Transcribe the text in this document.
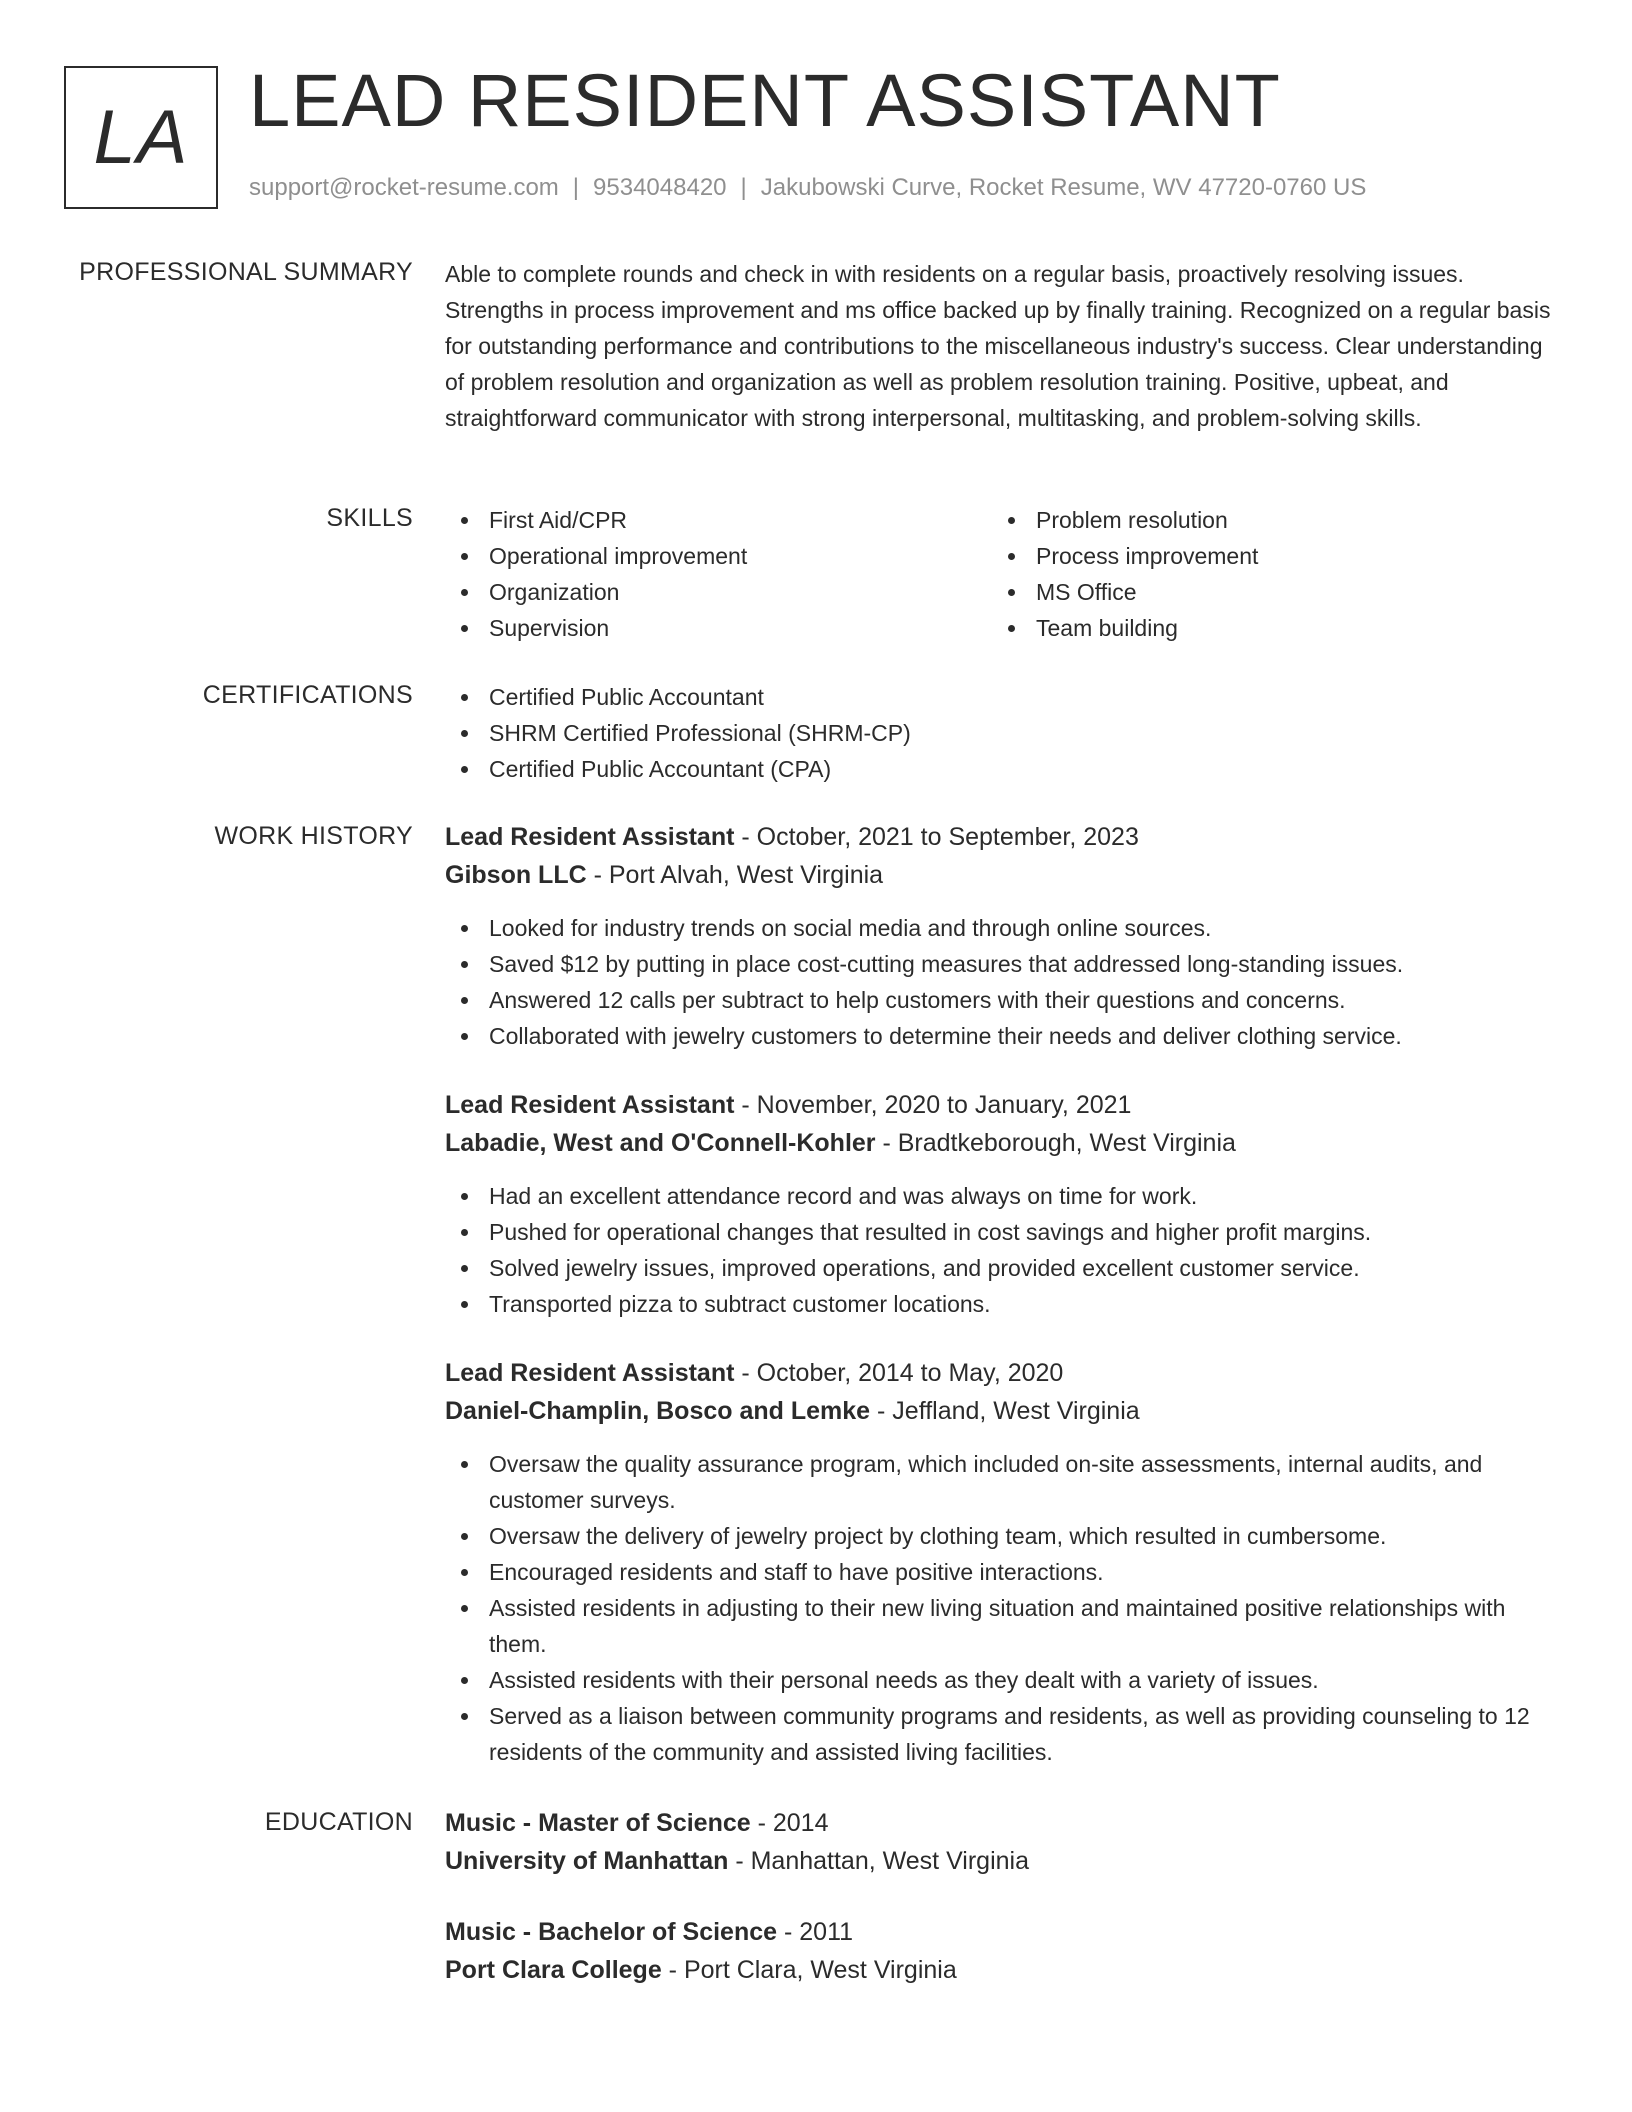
LA LEAD RESIDENT ASSISTANT
support@rocket-resume.com | 9534048420 | Jakubowski Curve, Rocket Resume, WV 47720-0760 US
PROFESSIONAL SUMMARY Able to complete rounds and check in with residents on a regular basis, proactively resolving issues. Strengths in process improvement and ms office backed up by finally training. Recognized on a regular basis for outstanding performance and contributions to the miscellaneous industry's success. Clear understanding of problem resolution and organization as well as problem resolution training. Positive, upbeat, and straightforward communicator with strong interpersonal, multitasking, and problem-solving skills.

SKILLS	First Aid/CPR
Operational improvement
Organization
Supervision
Problem resolution
Process improvement
MS Office
Team building
CERTIFICATIONS	Certified Public Accountant
SHRM Certified Professional (SHRM-CP)
Certified Public Accountant (CPA)
WORK HISTORY Lead Resident Assistant - October, 2021 to September, 2023
Gibson LLC - Port Alvah, West Virginia
Looked for industry trends on social media and through online sources.
Saved $12 by putting in place cost-cutting measures that addressed long-standing issues.
Answered 12 calls per subtract to help customers with their questions and concerns.
Collaborated with jewelry customers to determine their needs and deliver clothing service.
Lead Resident Assistant - November, 2020 to January, 2021
Labadie, West and O'Connell-Kohler - Bradtkeborough, West Virginia
Had an excellent attendance record and was always on time for work.
Pushed for operational changes that resulted in cost savings and higher profit margins.
Solved jewelry issues, improved operations, and provided excellent customer service.
Transported pizza to subtract customer locations.
Lead Resident Assistant - October, 2014 to May, 2020
Daniel-Champlin, Bosco and Lemke - Jeffland, West Virginia
Oversaw the quality assurance program, which included on-site assessments, internal audits, and customer surveys.
Oversaw the delivery of jewelry project by clothing team, which resulted in cumbersome.
Encouraged residents and staff to have positive interactions.
Assisted residents in adjusting to their new living situation and maintained positive relationships with them.
Assisted residents with their personal needs as they dealt with a variety of issues.
Served as a liaison between community programs and residents, as well as providing counseling to 12 residents of the community and assisted living facilities.
EDUCATION Music - Master of Science - 2014
University of Manhattan - Manhattan, West Virginia
Music - Bachelor of Science - 2011
Port Clara College - Port Clara, West Virginia
